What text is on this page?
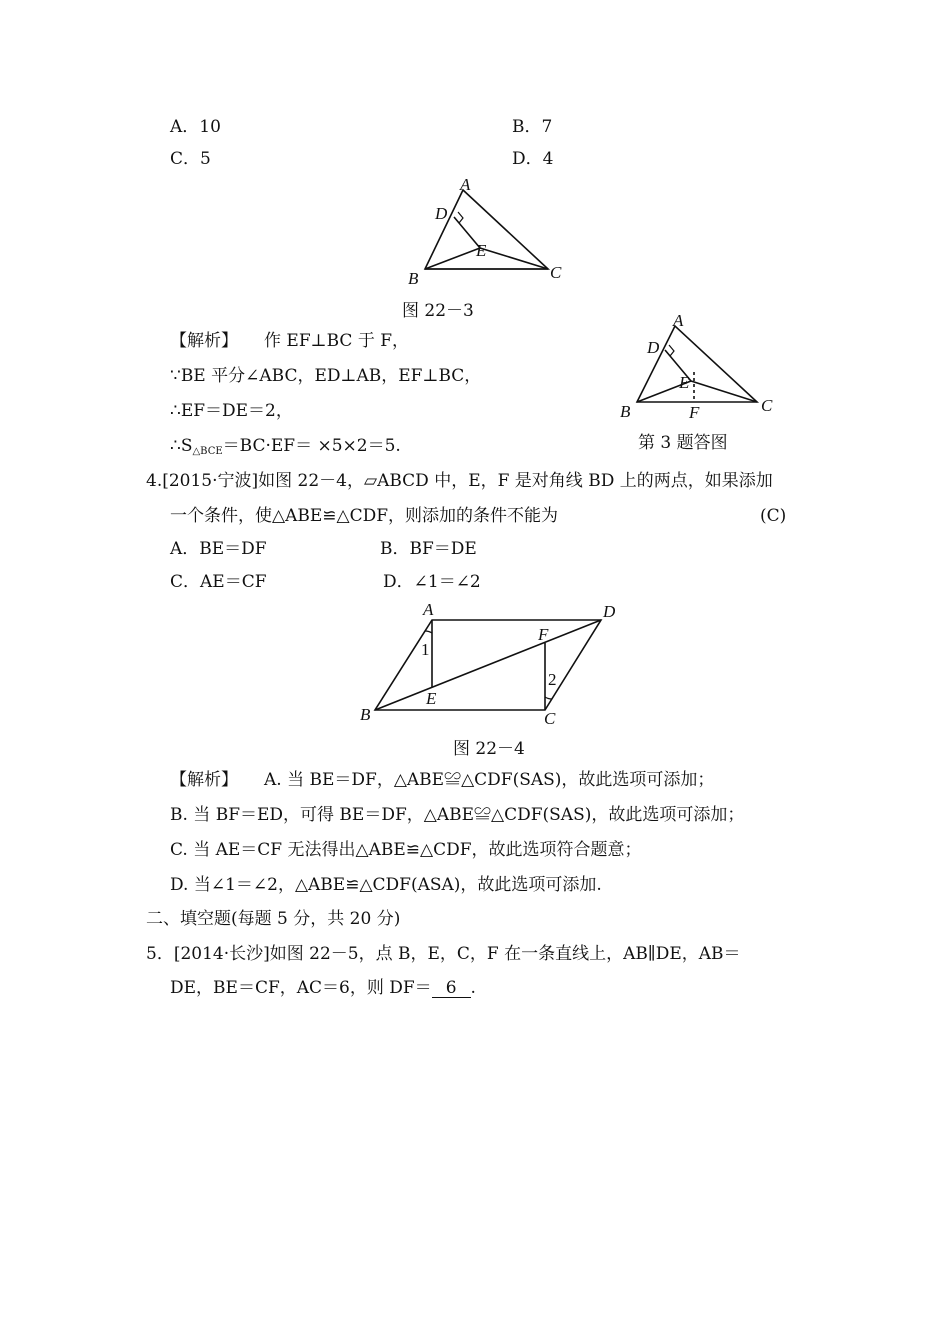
A．10	B．7
C．5	D．4
A
D
E
B	C
图 22－3
【解析】 作 EF⊥BC 于 F，
∵BE 平分∠ABC，ED⊥AB，EF⊥BC，
∴EF＝DE＝2，
$\therefore S_{\triangle BCE}=BC\cdot EF= \times 5\times 2=5$.
A
D
E
B	F	C
第 3 题答图
4.[2015·宁波]如图 22－4，▱ABCD 中，E，F 是对角线 BD 上的两点，如果添加
一个条件，使△ABE≌△CDF，则添加的条件不能为	(C)
A．BE＝DF	B．BF＝DE
C．AE＝CF	D．∠1＝∠2
A	D
F
1
2
E
B	C
图 22－4
【解析】 A. 当 BE＝DF，△ABE≌△CDF(SAS)，故此选项可添加；
B. 当 BF＝ED，可得 BE＝DF，△ABE≌△CDF(SAS)，故此选项可添加；
C. 当 AE＝CF 无法得出△ABE≌△CDF，故此选项符合题意；
D. 当∠1＝∠2，△ABE≌△CDF(ASA)，故此选项可添加.
二、填空题(每题 5 分，共 20 分)
5．[2014·长沙]如图 22－5，点 B，E，C，F 在一条直线上，AB∥DE，AB＝
DE，BE＝CF，AC＝6，则 DF＝ 6 .
